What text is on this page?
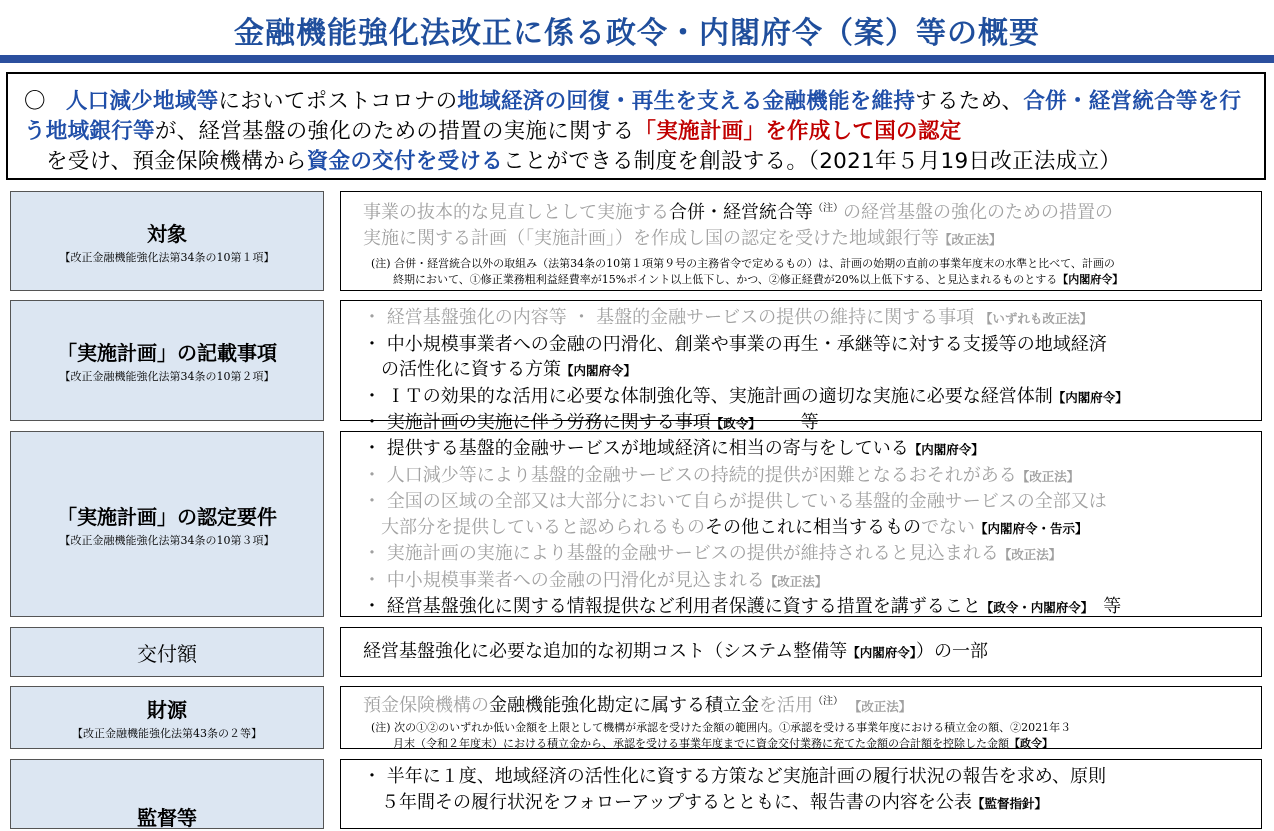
金融機能強化法改正に係る政令・内閣府令（案）等の概要
〇 人口減少地域等においてポストコロナの地域経済の回復・再生を支える金融機能を維持するため、合併・経営統合等を行う地域銀行等が、経営基盤の強化のための措置の実施に関する「実施計画」を作成して国の認定
を受け、預金保険機構から資金の交付を受けることができる制度を創設する。（2021年５月19日改正法成立）
対象
【改正金融機能強化法第34条の10第１項】
事業の抜本的な見直しとして実施する合併・経営統合等$^{(注)}$の経営基盤の強化のための措置の
実施に関する計画（「実施計画」）を作成し国の認定を受けた地域銀行等【改正法】
(注) 合併・経営統合以外の取組み（法第34条の10第１項第９号の主務省令で定めるもの）は、計画の始期の直前の事業年度末の水準と比べて、計画の
終期において、①修正業務粗利益経費率が15%ポイント以上低下し、かつ、②修正経費が20%以上低下する、と見込まれるものとする【内閣府令】
「実施計画」の記載事項
【改正金融機能強化法第34条の10第２項】
・ 経営基盤強化の内容等 ・ 基盤的金融サービスの提供の維持に関する事項 【いずれも改正法】
・ 中小規模事業者への金融の円滑化、創業や事業の再生・承継等に対する支援等の地域経済
の活性化に資する方策【内閣府令】
・ ＩＴの効果的な活用に必要な体制強化等、実施計画の適切な実施に必要な経営体制【内閣府令】
・ 実施計画の実施に伴う労務に関する事項【政令】 等
「実施計画」の認定要件
【改正金融機能強化法第34条の10第３項】
・ 提供する基盤的金融サービスが地域経済に相当の寄与をしている【内閣府令】
・ 人口減少等により基盤的金融サービスの持続的提供が困難となるおそれがある【改正法】
・ 全国の区域の全部又は大部分において自らが提供している基盤的金融サービスの全部又は
大部分を提供していると認められるものその他これに相当するものでない【内閣府令・告示】
・ 実施計画の実施により基盤的金融サービスの提供が維持されると見込まれる【改正法】
・ 中小規模事業者への金融の円滑化が見込まれる【改正法】
・ 経営基盤強化に関する情報提供など利用者保護に資する措置を講ずること【政令・内閣府令】 等
交付額	経営基盤強化に必要な追加的な初期コスト（システム整備等【内閣府令】）の一部
財源
【改正金融機能強化法第43条の２等】
預金保険機構の金融機能強化勘定に属する積立金を活用$^{(注)}$ 【改正法】
(注) 次の①②のいずれか低い金額を上限として機構が承認を受けた金額の範囲内。①承認を受ける事業年度における積立金の額、②2021年３
月末（令和２年度末）における積立金から、承認を受ける事業年度までに資金交付業務に充てた金額の合計額を控除した金額【政令】
監督等
・ 半年に１度、地域経済の活性化に資する方策など実施計画の履行状況の報告を求め、原則
５年間その履行状況をフォローアップするとともに、報告書の内容を公表【監督指針】
